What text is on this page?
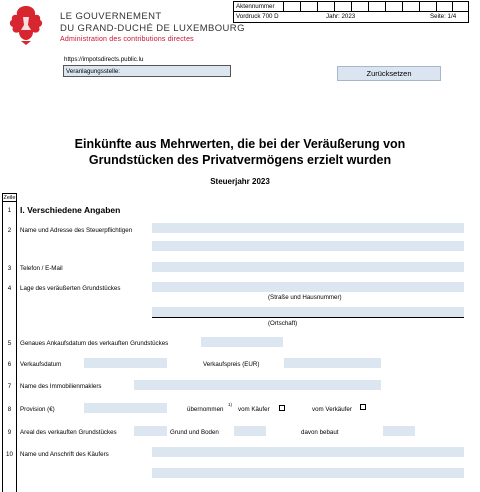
LE GOUVERNEMENT
DU GRAND-DUCHÉ DE LUXEMBOURG
Administration des contributions directes
https://impotsdirects.public.lu
Veranlagungsstelle:	Zurücksetzen
Aktennummer
Vordruck 700 D	Jahr: 2023	Seite: 1/4
Einkünfte aus Mehrwerten, die bei der Veräußerung von
Grundstücken des Privatvermögens erzielt wurden
Steuerjahr 2023
Zeile
1	I. Verschiedene Angaben
2	Name und Adresse des Steuerpflichtigen
3	Telefon / E-Mail
4	Lage des veräußerten Grundstückes
(Straße und Hausnummer)
(Ortschaft)
5	Genaues Ankaufsdatum des verkauften Grundstückes
6	Verkaufsdatum	Verkaufspreis (EUR)
7	Name des Immobilienmaklers
8	Provision (€)	übernommen
1)
vom Käufer	vom Verkäufer
9	Areal des verkauften Grundstückes	Grund und Boden	davon bebaut
10	Name und Anschrift des Käufers
